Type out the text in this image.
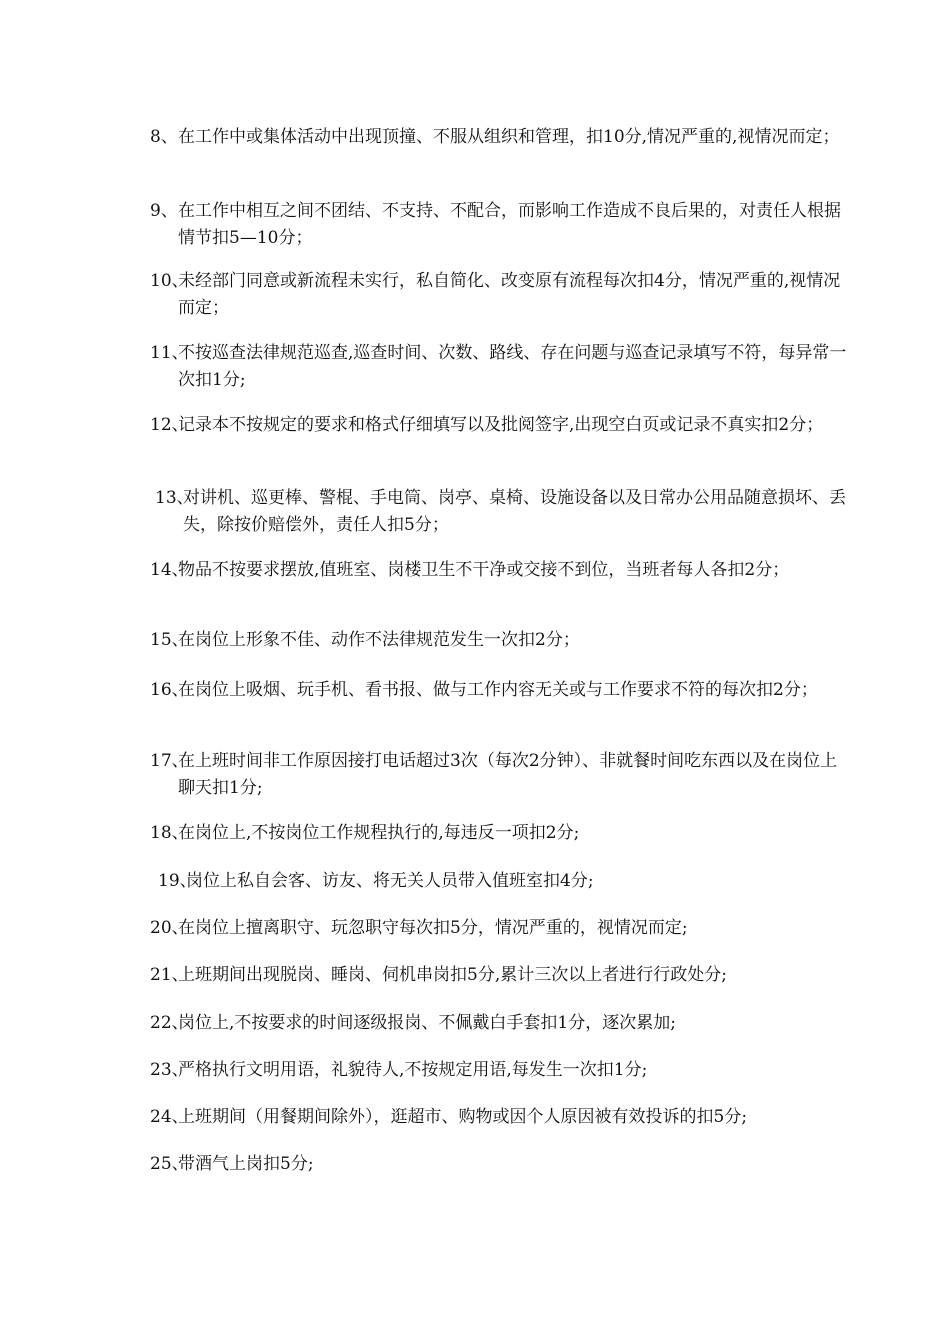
8、 在工作中或集体活动中出现顶撞、不服从组织和管理，扣10分,情况严重的,视情况而定；
9、 在工作中相互之间不团结、不支持、不配合，而影响工作造成不良后果的，对责任人根据情节扣5—10分；
10、
未经部门同意或新流程未实行，私自简化、改变原有流程每次扣4分，情况严重的,视情况而定；
11、
不按巡查法律规范巡查,巡查时间、次数、路线、存在问题与巡查记录填写不符，每异常一次扣1分;
12、
记录本不按规定的要求和格式仔细填写以及批阅签字,出现空白页或记录不真实扣2分；
13、
对讲机、巡更棒、警棍、手电筒、岗亭、桌椅、设施设备以及日常办公用品随意损坏、丢失，除按价赔偿外，责任人扣5分；
14、
物品不按要求摆放,值班室、岗楼卫生不干净或交接不到位，当班者每人各扣2分；
15、
在岗位上形象不佳、动作不法律规范发生一次扣2分；
16、
在岗位上吸烟、玩手机、看书报、做与工作内容无关或与工作要求不符的每次扣2分；
17、
在上班时间非工作原因接打电话超过3次（每次2分钟）、非就餐时间吃东西以及在岗位上聊天扣1分;
18、
在岗位上,不按岗位工作规程执行的,每违反一项扣2分;
19、
岗位上私自会客、访友、将无关人员带入值班室扣4分;
20、
在岗位上擅离职守、玩忽职守每次扣5分，情况严重的，视情况而定;
21、
上班期间出现脱岗、睡岗、伺机串岗扣5分,累计三次以上者进行行政处分;
22、
岗位上,不按要求的时间逐级报岗、不佩戴白手套扣1分，逐次累加;
23、
严格执行文明用语，礼貌待人,不按规定用语,每发生一次扣1分;
24、
上班期间（用餐期间除外），逛超市、购物或因个人原因被有效投诉的扣5分;
25、
带酒气上岗扣5分;
